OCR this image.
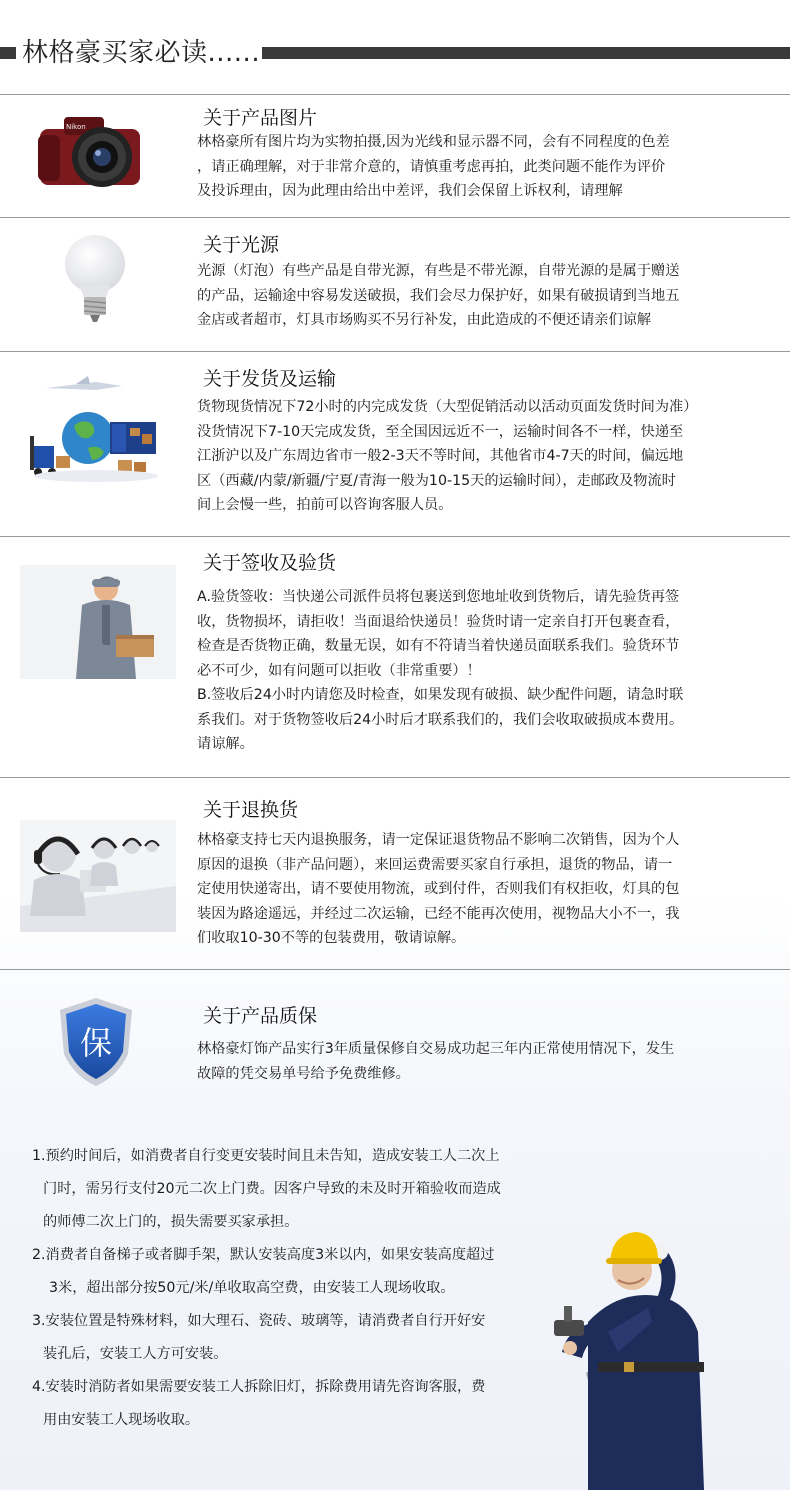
林格豪买家必读......
Nikon	关于产品图片

林格豪所有图片均为实物拍摄,因为光线和显示器不同，会有不同程度的色差

，请正确理解，对于非常介意的，请慎重考虑再拍，此类问题不能作为评价

及投诉理由，因为此理由给出中差评，我们会保留上诉权利，请理解

关于光源

光源（灯泡）有些产品是自带光源，有些是不带光源，自带光源的是属于赠送

的产品，运输途中容易发送破损，我们会尽力保护好，如果有破损请到当地五

金店或者超市，灯具市场购买不另行补发，由此造成的不便还请亲们谅解

关于发货及运输

货物现货情况下72小时的内完成发货（大型促销活动以活动页面发货时间为准）

没货情况下7-10天完成发货，至全国因远近不一，运输时间各不一样，快递至

江浙沪以及广东周边省市一般2-3天不等时间，其他省市4-7天的时间，偏远地

区（西藏/内蒙/新疆/宁夏/青海一般为10-15天的运输时间），走邮政及物流时

间上会慢一些，拍前可以咨询客服人员。

关于签收及验货

A.验货签收：当快递公司派件员将包裹送到您地址收到货物后，请先验货再签

收，货物损坏，请拒收！当面退给快递员！验货时请一定亲自打开包裹查看，

检查是否货物正确，数量无误，如有不符请当着快递员面联系我们。验货环节

必不可少，如有问题可以拒收（非常重要）！

B.签收后24小时内请您及时检查，如果发现有破损、缺少配件问题，请急时联

系我们。对于货物签收后24小时后才联系我们的，我们会收取破损成本费用。

请谅解。

关于退换货

林格豪支持七天内退换服务，请一定保证退货物品不影响二次销售，因为个人

原因的退换（非产品问题），来回运费需要买家自行承担，退货的物品，请一

定使用快递寄出，请不要使用物流，或到付件，否则我们有权拒收，灯具的包

装因为路途遥远，并经过二次运输，已经不能再次使用，视物品大小不一，我

们收取10-30不等的包装费用，敬请谅解。

保
关于产品质保

林格豪灯饰产品实行3年质量保修自交易成功起三年内正常使用情况下，发生

故障的凭交易单号给予免费维修。

1.预约时间后，如消费者自行变更安装时间且未告知，造成安装工人二次上
门时，需另行支付20元二次上门费。因客户导致的未及时开箱验收而造成
的师傅二次上门的，损失需要买家承担。
2.消费者自备梯子或者脚手架，默认安装高度3米以内，如果安装高度超过
3米，超出部分按50元/米/单收取高空费，由安装工人现场收取。
3.安装位置是特殊材料，如大理石、瓷砖、玻璃等，请消费者自行开好安
装孔后，安装工人方可安装。
4.安装时消防者如果需要安装工人拆除旧灯，拆除费用请先咨询客服，费
用由安装工人现场收取。
